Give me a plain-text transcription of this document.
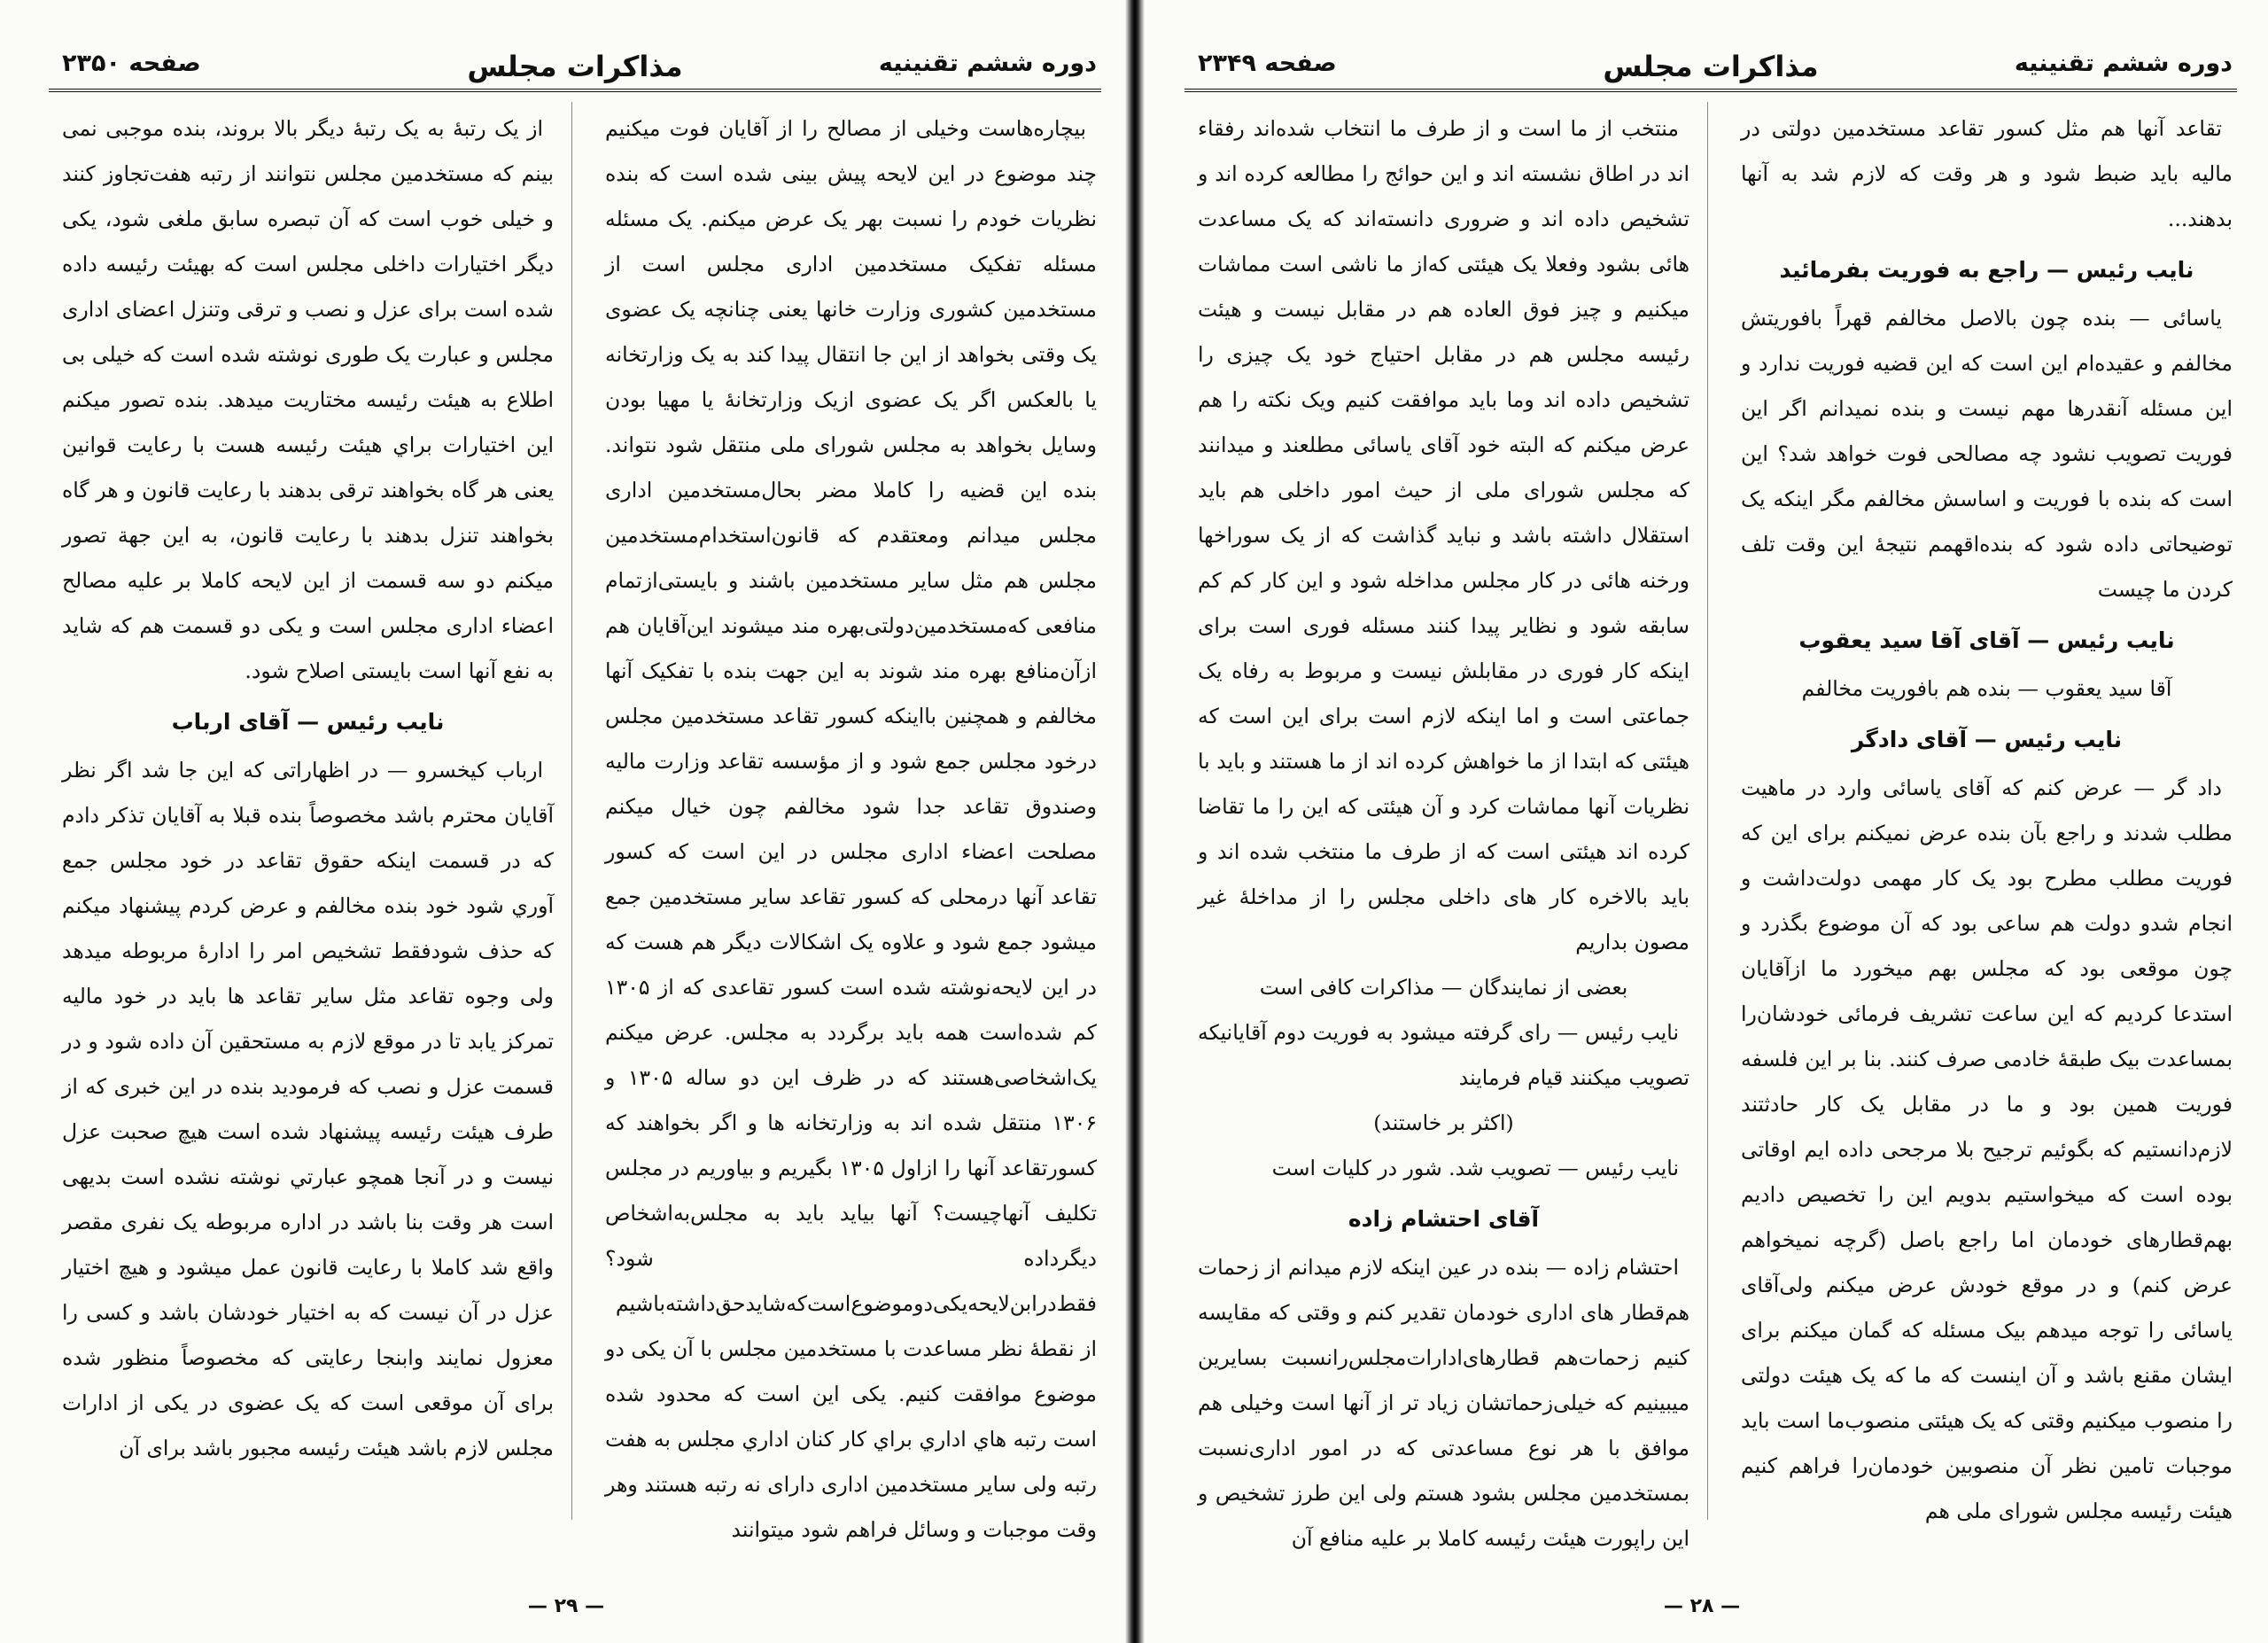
دوره ششم تقنینیه
مذاکرات مجلس
صفحه ۲۳۴۹

تقاعد آنها هم مثل کسور تقاعد مستخدمین دولتی در مالیه باید ضبط شود و هر وقت که لازم شد به آنها بدهند...

نایب رئیس — راجع به فوریت بفرمائید

یاسائی — بنده چون بالاصل مخالفم قهراً بافوریتش مخالفم و عقیده‌ام این است که این قضیه فوریت ندارد و این مسئله آنقدرها مهم نیست و بنده نمیدانم اگر این فوریت تصویب نشود چه مصالحی فوت خواهد شد؟ این است که بنده با فوریت و اساسش مخالفم مگر اینکه یک توضیحاتی داده شود که بنده‌اقهمم نتیجهٔ این وقت تلف کردن ما چیست

نایب رئیس — آقای آقا سید یعقوب

آقا سید یعقوب — بنده هم بافوریت مخالفم

نایب رئیس — آقای دادگر

داد گر — عرض کنم که آقای یاسائی وارد در ماهیت مطلب شدند و راجع بآن بنده عرض نمیکنم برای این که فوریت مطلب مطرح بود یک کار مهمی دولت‌داشت و انجام شدو دولت هم ساعی بود که آن موضوع بگذرد و چون موقعی بود که مجلس بهم میخورد ما ازآقایان استدعا کردیم که این ساعت تشریف فرمائی خودشان‌را بمساعدت بیک طبقهٔ خادمی صرف کنند. بنا بر این فلسفه فوریت همین بود و ما در مقابل یک کار حادثتند لازم‌دانستیم که بگوئیم ترجیح بلا مرجحی داده ایم اوقاتی بوده است که میخواستیم بدویم این را تخصیص دادیم بهم‌قطارهای خودمان اما راجع باصل (گرچه نمیخواهم عرض کنم) و در موقع خودش عرض میکنم ولی‌آقای یاسائی را توجه میدهم بیک مسئله که گمان میکنم برای ایشان مقنع باشد و آن اینست که ما که یک هیئت دولتی را منصوب میکنیم وقتی که یک هیئتی منصوب‌ما است باید موجبات تامین نظر آن منصوبین خودمان‌را فراهم کنیم هیئت رئیسه مجلس شورای ملی هم

منتخب از ما است و از طرف ما انتخاب شده‌اند رفقاء اند در اطاق نشسته اند و این حوائج را مطالعه کرده اند و تشخیص داده اند و ضروری دانسته‌اند که یک مساعدت هائی بشود وفعلا یک هیئتی که‌از ما ناشی است مماشات میکنیم و چیز فوق العاده هم در مقابل نیست و هیئت رئیسه مجلس هم در مقابل احتیاج خود یک چیزی را تشخیص داده اند وما باید موافقت کنیم ویک نکته را هم عرض میکنم که البته خود آقای یاسائی مطلعند و میدانند که مجلس شورای ملی از حیث امور داخلی هم باید استقلال داشته باشد و نباید گذاشت که از یک سوراخها ورخنه هائی در کار مجلس مداخله شود و این کار کم کم سابقه شود و نظایر پیدا کنند مسئله فوری است برای اینکه کار فوری در مقابلش نیست و مربوط به رفاه یک جماعتی است و اما اینکه لازم است برای این است که هیئتی که ابتدا از ما خواهش کرده اند از ما هستند و باید با نظریات آنها مماشات کرد و آن هیئتی که این را ما تقاضا کرده اند هیئتی است که از طرف ما منتخب شده اند و باید بالاخره کار های داخلی مجلس را از مداخلهٔ غیر مصون بداریم

بعضی از نمایندگان — مذاکرات کافی است

نایب رئیس — رای گرفته میشود به فوریت دوم آقایانیکه تصویب میکنند قیام فرمایند

(اکثر بر خاستند)

نایب رئیس — تصویب شد. شور در کلیات است

آقای احتشام زاده

احتشام زاده — بنده در عین اینکه لازم میدانم از زحمات هم‌قطار های اداری خودمان تقدیر کنم و وقتی که مقایسه کنیم زحمات‌هم قطارهای‌ادارات‌مجلس‌رانسبت بسایرین میبینیم که خیلی‌زحماتشان زیاد تر از آنها است وخیلی هم موافق با هر نوع مساعدتی که در امور اداری‌نسبت بمستخدمین مجلس بشود هستم ولی این طرز تشخیص و این راپورت هیئت رئیسه کاملا بر علیه منافع آن

— ۲۸ —
دوره ششم تقنینیه
مذاکرات مجلس
صفحه ۲۳۵۰

بیچاره‌هاست وخیلی از مصالح را از آقایان فوت میکنیم چند موضوع در این لایحه پیش بینی شده است که بنده نظریات خودم را نسبت بهر یک عرض میکنم. یک مسئله مسئله تفکیک مستخدمین اداری مجلس است از مستخدمین کشوری وزارت خانها یعنی چنانچه یک عضوی یک وقتی بخواهد از این جا انتقال پیدا کند به یک وزارتخانه یا بالعکس اگر یک عضوی ازیک وزارتخانهٔ یا مهیا بودن وسایل بخواهد به مجلس شورای ملی منتقل شود نتواند. بنده این قضیه را کاملا مضر بحال‌مستخدمین اداری مجلس میدانم ومعتقدم که قانون‌استخدام‌مستخدمین مجلس هم مثل سایر مستخدمین باشند و بایستی‌ازتمام منافعی که‌مستخدمین‌دولتی‌بهره مند میشوند این‌آقایان هم ازآن‌منافع بهره مند شوند به این جهت بنده با تفکیک آنها مخالفم و همچنین بااینکه کسور تقاعد مستخدمین مجلس درخود مجلس جمع شود و از مؤسسه تقاعد وزارت مالیه وصندوق تقاعد جدا شود مخالفم چون خیال میکنم مصلحت اعضاء اداری مجلس در این است که کسور تقاعد آنها درمحلی که کسور تقاعد سایر مستخدمین جمع میشود جمع شود و علاوه یک اشکالات دیگر هم هست که در این لایحه‌نوشته شده است کسور تقاعدی که از ۱۳۰۵ کم شده‌است همه باید برگردد به مجلس. عرض میکنم یک‌اشخاصی‌هستند که در ظرف این دو ساله ۱۳۰۵ و ۱۳۰۶ منتقل شده اند به وزارتخانه ها و اگر بخواهند که کسورتقاعد آنها را ازاول ۱۳۰۵ بگیریم و بیاوریم در مجلس تکلیف آنهاچیست؟ آنها بیاید باید به مجلس‌به‌اشخاص دیگرداده شود؟فقط‌درا‌بن‌لایحه‌یکی‌دو‌موضوع‌است‌که‌شاید‌حق‌داشته‌باشیم از نقطهٔ نظر مساعدت با مستخدمین مجلس با آن یکی دو موضوع موافقت کنیم. یکی این است که محدود شده است رتبه هاي اداري براي کار کنان اداري مجلس به هفت رتبه ولی سایر مستخدمین اداری دارای نه رتبه هستند وهر وقت موجبات و وسائل فراهم شود میتوانند

از یک رتبهٔ به یک رتبهٔ دیگر بالا بروند، بنده موجبی نمی بینم که مستخدمین مجلس نتوانند از رتبه هفت‌تجاوز کنند و خیلی خوب است که آن تبصره سابق ملغی شود، یکی دیگر اختیارات داخلی مجلس است که بهیئت رئیسه داده شده است برای عزل و نصب و ترقی وتنزل اعضای اداری مجلس و عبارت یک طوری نوشته شده است که خیلی بی اطلاع به هیئت رئیسه مختاریت میدهد. بنده تصور میکنم این اختیارات براي هیئت رئیسه هست با رعایت قوانین یعنی هر گاه بخواهند ترقی بدهند با رعایت قانون و هر گاه بخواهند تنزل بدهند با رعایت قانون، به این جهة تصور میکنم دو سه قسمت از این لایحه کاملا بر علیه مصالح اعضاء اداری مجلس است و یکی دو قسمت هم که شاید به نفع آنها است بایستی اصلاح شود.

نایب رئیس — آقای ارباب

ارباب کیخسرو — در اظهاراتی که این جا شد اگر نظر آقایان محترم باشد مخصوصاً بنده قبلا به آقایان تذکر دادم که در قسمت اینکه حقوق تقاعد در خود مجلس جمع آوري شود خود بنده مخالفم و عرض کردم پیشنهاد میکنم که حذف شودفقط تشخیص امر را ادارهٔ مربوطه میدهد ولی وجوه تقاعد مثل سایر تقاعد ها باید در خود مالیه تمرکز یابد تا در موقع لازم به مستحقین آن داده شود و در قسمت عزل و نصب که فرمودید بنده در این خبری که از طرف هیئت رئیسه پیشنهاد شده است هیچ صحبت عزل نیست و در آنجا همچو عبارتي نوشته نشده است بدیهی است هر وقت بنا باشد در اداره مربوطه یک نفری مقصر واقع شد کاملا با رعایت قانون عمل میشود و هیچ اختیار عزل در آن نیست که به اختیار خودشان باشد و کسی را معزول نمایند وابنجا رعایتی که مخصوصاً منظور شده برای آن موقعی است که یک عضوی در یکی از ادارات مجلس لازم باشد هیئت رئیسه مجبور باشد برای آن

— ۲۹ —
